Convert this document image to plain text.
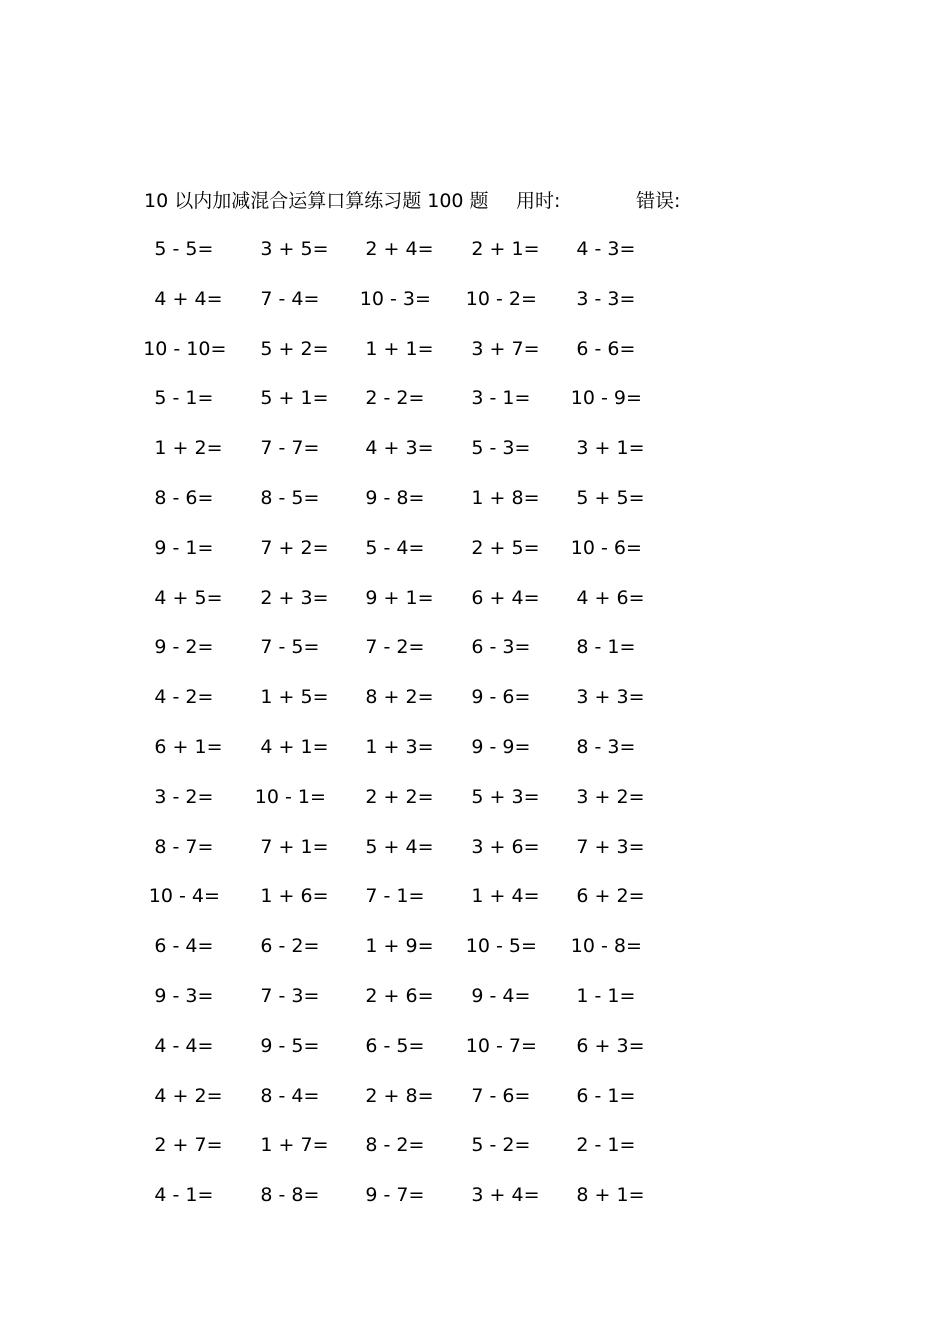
10 以内加减混合运算口算练习题 100 题 用时:	错误:
5 - 5= 3 + 5= 2 + 4= 2 + 1= 4 - 3=
4 + 4= 7 - 4= 10 - 3= 10 - 2= 3 - 3=
10 - 10= 5 + 2= 1 + 1= 3 + 7= 6 - 6=
5 - 1= 5 + 1= 2 - 2= 3 - 1= 10 - 9=
1 + 2= 7 - 7= 4 + 3= 5 - 3= 3 + 1=
8 - 6= 8 - 5= 9 - 8= 1 + 8= 5 + 5=
9 - 1= 7 + 2= 5 - 4= 2 + 5= 10 - 6=
4 + 5= 2 + 3= 9 + 1= 6 + 4= 4 + 6=
9 - 2= 7 - 5= 7 - 2= 6 - 3= 8 - 1=
4 - 2= 1 + 5= 8 + 2= 9 - 6= 3 + 3=
6 + 1= 4 + 1= 1 + 3= 9 - 9= 8 - 3=
3 - 2= 10 - 1= 2 + 2= 5 + 3= 3 + 2=
8 - 7= 7 + 1= 5 + 4= 3 + 6= 7 + 3=
10 - 4= 1 + 6= 7 - 1= 1 + 4= 6 + 2=
6 - 4= 6 - 2= 1 + 9= 10 - 5= 10 - 8=
9 - 3= 7 - 3= 2 + 6= 9 - 4= 1 - 1=
4 - 4= 9 - 5= 6 - 5= 10 - 7= 6 + 3=
4 + 2= 8 - 4= 2 + 8= 7 - 6= 6 - 1=
2 + 7= 1 + 7= 8 - 2= 5 - 2= 2 - 1=
4 - 1= 8 - 8= 9 - 7= 3 + 4= 8 + 1=
